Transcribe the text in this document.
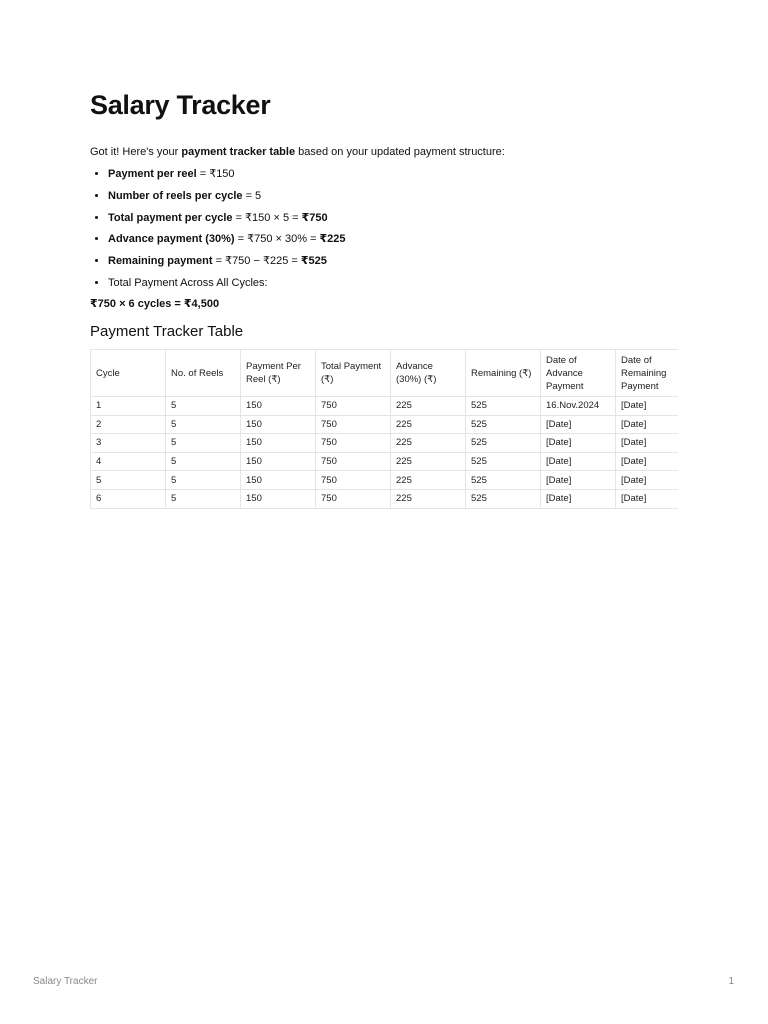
Salary Tracker

Got it! Here's your payment tracker table based on your updated payment structure:

• Payment per reel = ₹150
• Number of reels per cycle = 5
• Total payment per cycle = ₹150 × 5 = ₹750
• Advance payment (30%) = ₹750 × 30% = ₹225
• Remaining payment = ₹750 − ₹225 = ₹525
• Total Payment Across All Cycles:

₹750 × 6 cycles = ₹4,500

Payment Tracker Table
Cycle	No. of Reels	Payment Per Reel (₹)	Total Payment (₹)	Advance (30%) (₹)	Remaining (₹)	Date of Advance Payment	Date of Remaining Payment
1	5	150	750	225	525	16.Nov.2024	[Date]
2	5	150	750	225	525	[Date]	[Date]
3	5	150	750	225	525	[Date]	[Date]
4	5	150	750	225	525	[Date]	[Date]
5	5	150	750	225	525	[Date]	[Date]
6	5	150	750	225	525	[Date]	[Date]
Salary Tracker	1
